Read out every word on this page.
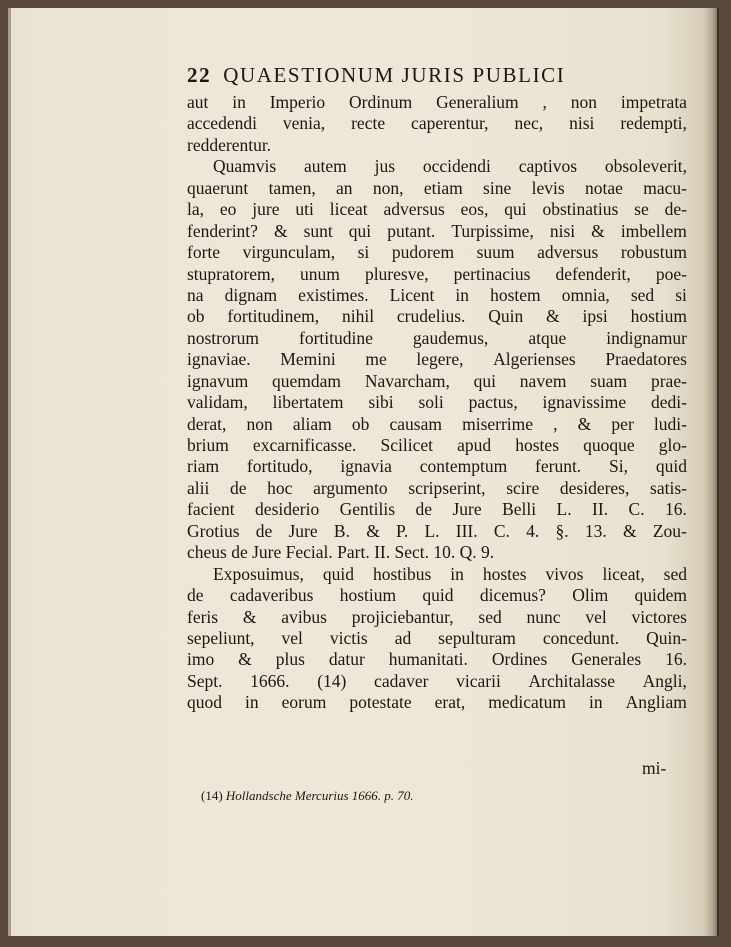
22 QUAESTIONUM JURIS PUBLICI
aut in Imperio Ordinum Generalium , non impetrata
accedendi venia, recte caperentur, nec, nisi redempti,
redderentur.
Quamvis autem jus occidendi captivos obsoleverit,
quaerunt tamen, an non, etiam sine levis notae macu-
la, eo jure uti liceat adversus eos, qui obstinatius se de-
fenderint? & sunt qui putant. Turpissime, nisi & imbellem
forte virgunculam, si pudorem suum adversus robustum
stupratorem, unum pluresve, pertinacius defenderit, poe-
na dignam existimes. Licent in hostem omnia, sed si
ob fortitudinem, nihil crudelius. Quin & ipsi hostium
nostrorum fortitudine gaudemus, atque indignamur
ignaviae. Memini me legere, Algerienses Praedatores
ignavum quemdam Navarcham, qui navem suam prae-
validam, libertatem sibi soli pactus, ignavissime dedi-
derat, non aliam ob causam miserrime , & per ludi-
brium excarnificasse. Scilicet apud hostes quoque glo-
riam fortitudo, ignavia contemptum ferunt. Si, quid
alii de hoc argumento scripserint, scire desideres, satis-
facient desiderio Gentilis de Jure Belli L. II. C. 16.
Grotius de Jure B. & P. L. III. C. 4. §. 13. & Zou-
cheus de Jure Fecial. Part. II. Sect. 10. Q. 9.
Exposuimus, quid hostibus in hostes vivos liceat, sed
de cadaveribus hostium quid dicemus? Olim quidem
feris & avibus projiciebantur, sed nunc vel victores
sepeliunt, vel victis ad sepulturam concedunt. Quin-
imo & plus datur humanitati. Ordines Generales 16.
Sept. 1666. (14) cadaver vicarii Architalasse Angli,
quod in eorum potestate erat, medicatum in Angliam
mi-
(14) Hollandsche Mercurius 1666. p. 70.
